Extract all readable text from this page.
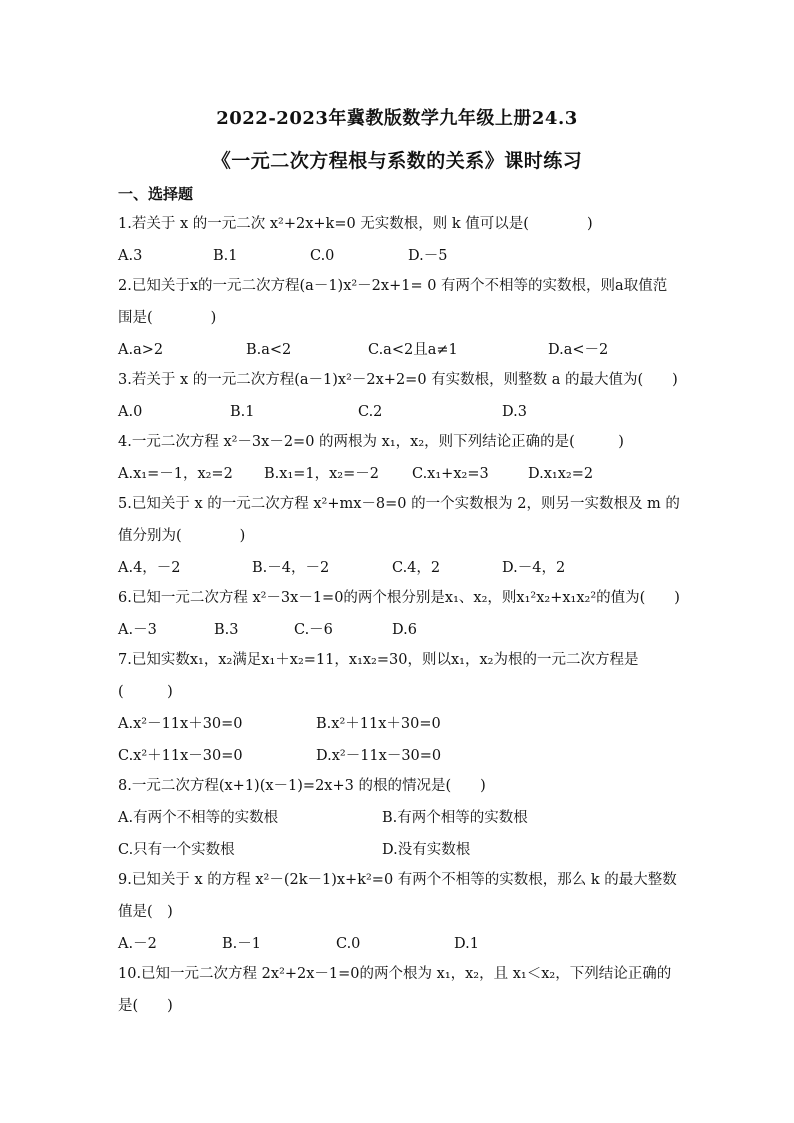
2022-2023年冀教版数学九年级上册24.3
《一元二次方程根与系数的关系》课时练习
一、选择题
1.若关于 x 的一元二次 x²+2x+k=0 无实数根，则 k 值可以是(　　　　)
A.3	B.1	C.0	D.－5
2.已知关于x的一元二次方程(a－1)x²－2x+1= 0 有两个不相等的实数根，则a取值范
围是(　　　　)
A.a>2	B.a<2	C.a<2且a≠1	D.a<－2
3.若关于 x 的一元二次方程(a－1)x²－2x+2=0 有实数根，则整数 a 的最大值为(　　)
A.0	B.1	C.2	D.3
4.一元二次方程 x²－3x－2=0 的两根为 x₁，x₂，则下列结论正确的是(　　　)
A.x₁=－1，x₂=2 B.x₁=1，x₂=－2 C.x₁+x₂=3	D.x₁x₂=2
5.已知关于 x 的一元二次方程 x²+mx－8=0 的一个实数根为 2，则另一实数根及 m 的
值分别为(　　　　)
A.4，－2	B.－4，－2	C.4，2	D.－4，2
6.已知一元二次方程 x²－3x－1=0的两个根分别是x₁、x₂，则x₁²x₂+x₁x₂²的值为(　　)
A.－3	B.3	C.－6	D.6
7.已知实数x₁，x₂满足x₁＋x₂=11，x₁x₂=30，则以x₁，x₂为根的一元二次方程是
(　　　)
A.x²－11x＋30=0	B.x²＋11x＋30=0
C.x²＋11x－30=0	D.x²－11x－30=0
8.一元二次方程(x+1)(x－1)=2x+3 的根的情况是(　　)
A.有两个不相等的实数根	B.有两个相等的实数根
C.只有一个实数根	D.没有实数根
9.已知关于 x 的方程 x²－(2k－1)x+k²=0 有两个不相等的实数根，那么 k 的最大整数
值是(　)
A.－2	B.－1	C.0	D.1
10.已知一元二次方程 2x²+2x－1=0的两个根为 x₁，x₂，且 x₁＜x₂，下列结论正确的
是(　　)
